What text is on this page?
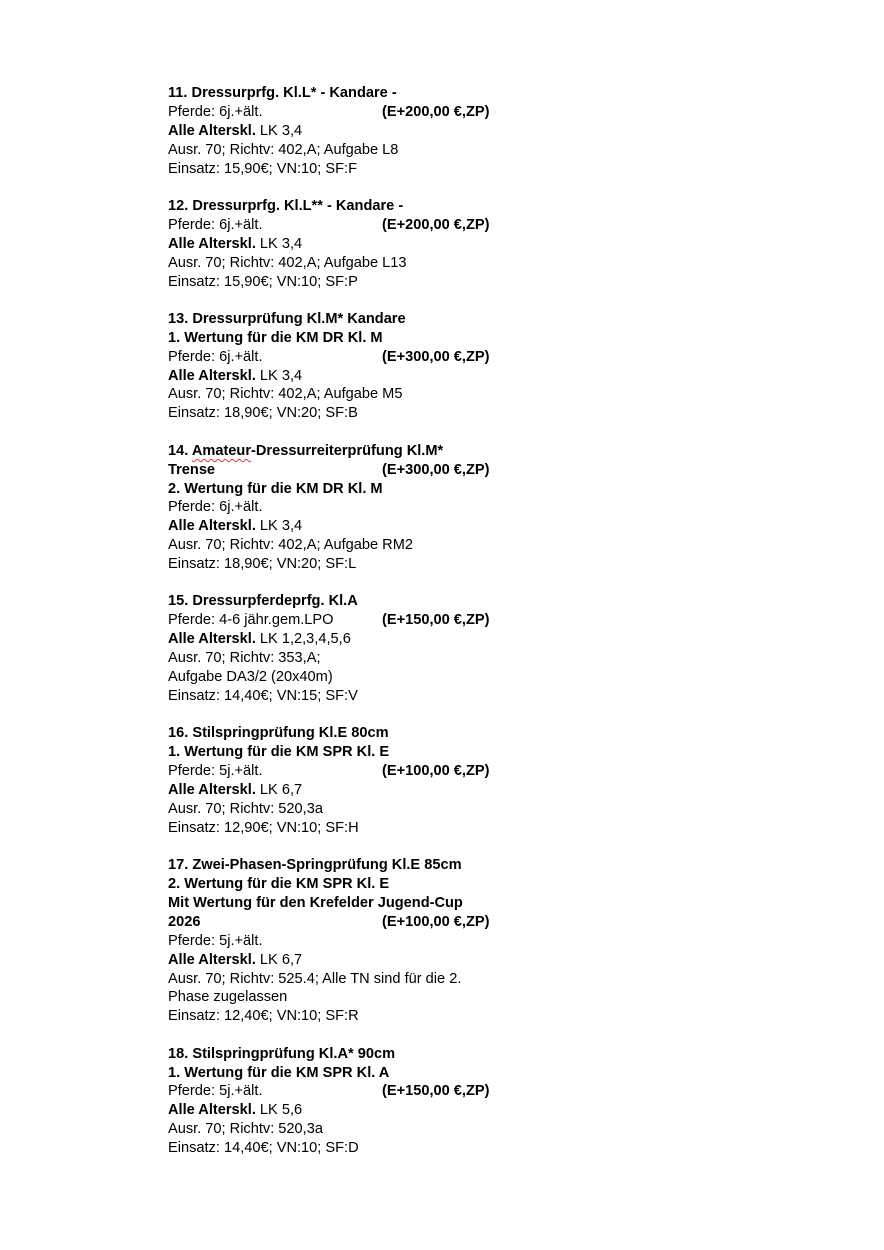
11. Dressurprfg. Kl.L* - Kandare -
Pferde: 6j.+ält.	(E+200,00 €,ZP)
Alle Alterskl. LK 3,4
Ausr. 70; Richtv: 402,A; Aufgabe L8
Einsatz: 15,90€; VN:10; SF:F
12. Dressurprfg. Kl.L** - Kandare -
Pferde: 6j.+ält.	(E+200,00 €,ZP)
Alle Alterskl. LK 3,4
Ausr. 70; Richtv: 402,A; Aufgabe L13
Einsatz: 15,90€; VN:10; SF:P
13. Dressurprüfung Kl.M* Kandare
1. Wertung für die KM DR Kl. M
Pferde: 6j.+ält.	(E+300,00 €,ZP)
Alle Alterskl. LK 3,4
Ausr. 70; Richtv: 402,A; Aufgabe M5
Einsatz: 18,90€; VN:20; SF:B
14. Amateur-Dressurreiterprüfung Kl.M*
Trense	(E+300,00 €,ZP)
2. Wertung für die KM DR Kl. M
Pferde: 6j.+ält.
Alle Alterskl. LK 3,4
Ausr. 70; Richtv: 402,A; Aufgabe RM2
Einsatz: 18,90€; VN:20; SF:L
15. Dressurpferdeprfg. Kl.A
Pferde: 4-6 jähr.gem.LPO	(E+150,00 €,ZP)
Alle Alterskl. LK 1,2,3,4,5,6
Ausr. 70; Richtv: 353,A;
Aufgabe DA3/2 (20x40m)
Einsatz: 14,40€; VN:15; SF:V
16. Stilspringprüfung Kl.E 80cm
1. Wertung für die KM SPR Kl. E
Pferde: 5j.+ält.	(E+100,00 €,ZP)
Alle Alterskl. LK 6,7
Ausr. 70; Richtv: 520,3a
Einsatz: 12,90€; VN:10; SF:H
17. Zwei-Phasen-Springprüfung Kl.E 85cm
2. Wertung für die KM SPR Kl. E
Mit Wertung für den Krefelder Jugend-Cup
2026	(E+100,00 €,ZP)
Pferde: 5j.+ält.
Alle Alterskl. LK 6,7
Ausr. 70; Richtv: 525.4; Alle TN sind für die 2.
Phase zugelassen
Einsatz: 12,40€; VN:10; SF:R
18. Stilspringprüfung Kl.A* 90cm
1. Wertung für die KM SPR Kl. A
Pferde: 5j.+ält.	(E+150,00 €,ZP)
Alle Alterskl. LK 5,6
Ausr. 70; Richtv: 520,3a
Einsatz: 14,40€; VN:10; SF:D
